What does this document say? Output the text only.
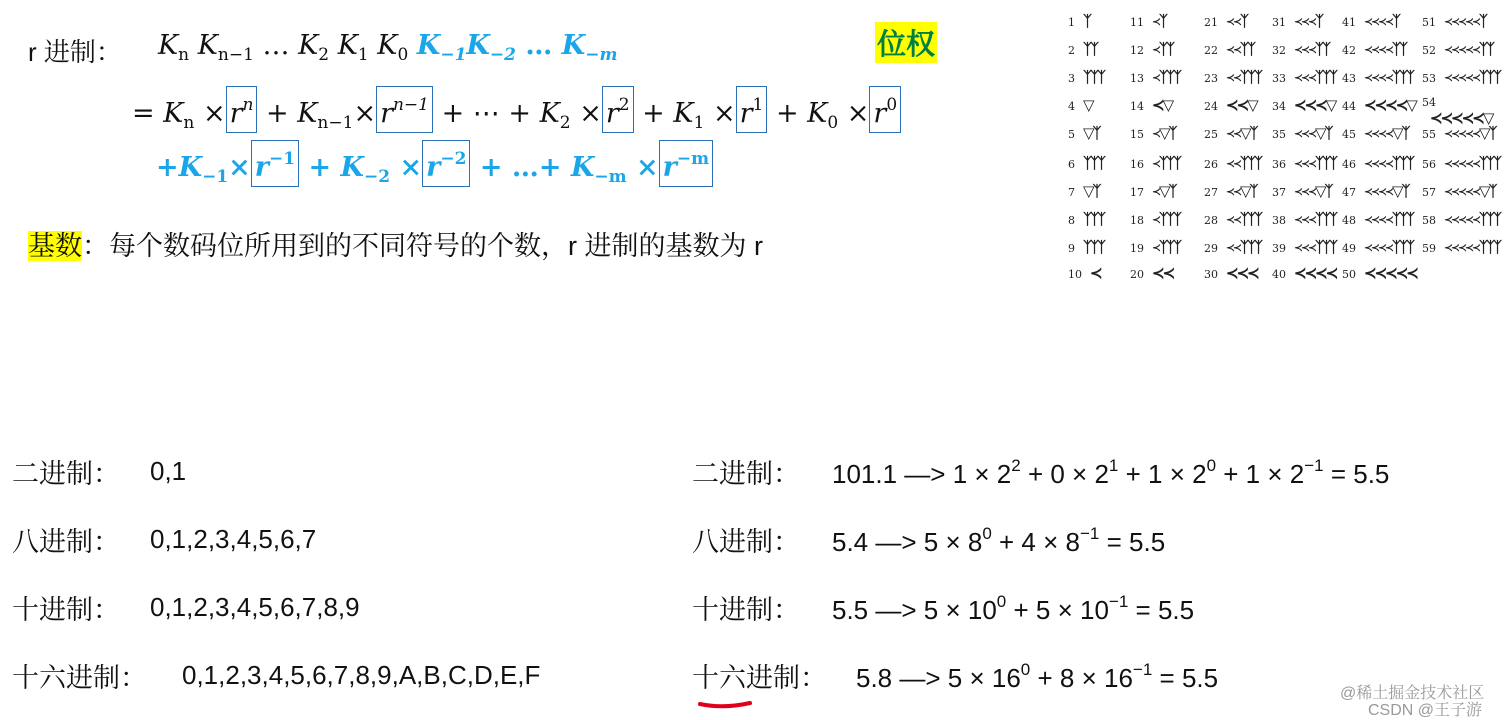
r 进制： $K_n$ $K_{n-1}$ … $K_2$ $K_1$ $K_0$ $K_{-1}K_{-2}$ … $K_{-m}$	位权
= $K_n \times r^n + K_{n-1}\times r^{n-1}$ + ⋯ + $K_2 \times r^2 + K_1 \times r^1 + K_0 \times r^0$
$+K_{-1}\times r^{-1} + K_{-2} \times r^{-2}$ + …+ $K_{-m} \times r^{-m}$
基数：每个数码位所用到的不同符号的个数，r 进制的基数为 r
1 ᛉ
2 ᛉᛉ
3 ᛉᛉᛉ
4 ▽
5 ▽ᛉ
6 ᛉᛉᛉ
7 ▽ᛉ
8 ᛉᛉᛉ
9 ᛉᛉᛉ
10 ≺
11 ≺ᛉ
12 ≺ᛉᛉ
13 ≺ᛉᛉᛉ
14 ≺▽
15 ≺▽ᛉ
16 ≺ᛉᛉᛉ
17 ≺▽ᛉ
18 ≺ᛉᛉᛉ
19 ≺ᛉᛉᛉ
20 ≺≺
21 ≺≺ᛉ
22 ≺≺ᛉᛉ
23 ≺≺ᛉᛉᛉ
24 ≺≺▽
25 ≺≺▽ᛉ
26 ≺≺ᛉᛉᛉ
27 ≺≺▽ᛉ
28 ≺≺ᛉᛉᛉ
29 ≺≺ᛉᛉᛉ
30 ≺≺≺
31 ≺≺≺ᛉ
32 ≺≺≺ᛉᛉ
33 ≺≺≺ᛉᛉᛉ
34 ≺≺≺▽
35 ≺≺≺▽ᛉ
36 ≺≺≺ᛉᛉᛉ
37 ≺≺≺▽ᛉ
38 ≺≺≺ᛉᛉᛉ
39 ≺≺≺ᛉᛉᛉ
40 ≺≺≺≺
41 ≺≺≺≺ᛉ
42 ≺≺≺≺ᛉᛉ
43 ≺≺≺≺ᛉᛉᛉ
44 ≺≺≺≺▽
45 ≺≺≺≺▽ᛉ
46 ≺≺≺≺ᛉᛉᛉ
47 ≺≺≺≺▽ᛉ
48 ≺≺≺≺ᛉᛉᛉ
49 ≺≺≺≺ᛉᛉᛉ
50 ≺≺≺≺≺
51 ≺≺≺≺≺ᛉ
52 ≺≺≺≺≺ᛉᛉ
53 ≺≺≺≺≺ᛉᛉᛉ
54≺≺≺≺≺▽
55 ≺≺≺≺≺▽ᛉ
56 ≺≺≺≺≺ᛉᛉᛉ
57 ≺≺≺≺≺▽ᛉ
58 ≺≺≺≺≺ᛉᛉᛉ
59 ≺≺≺≺≺ᛉᛉᛉ
二进制： 0,1
八进制： 0,1,2,3,4,5,6,7
十进制： 0,1,2,3,4,5,6,7,8,9
十六进制： 0,1,2,3,4,5,6,7,8,9,A,B,C,D,E,F
二进制： 101.1 —> $1 \times 2^2 + 0 \times 2^1 + 1 \times 2^0 + 1 \times 2^{-1} = 5.5$
八进制： 5.4 —> $5 \times 8^0 + 4 \times 8^{-1} = 5.5$
十进制： 5.5 —> $5 \times 10^0 + 5 \times 10^{-1} = 5.5$
十六进制： 5.8 —> $5 \times 16^0 + 8 \times 16^{-1} = 5.5$
@稀土掘金技术社区
CSDN @王子游
